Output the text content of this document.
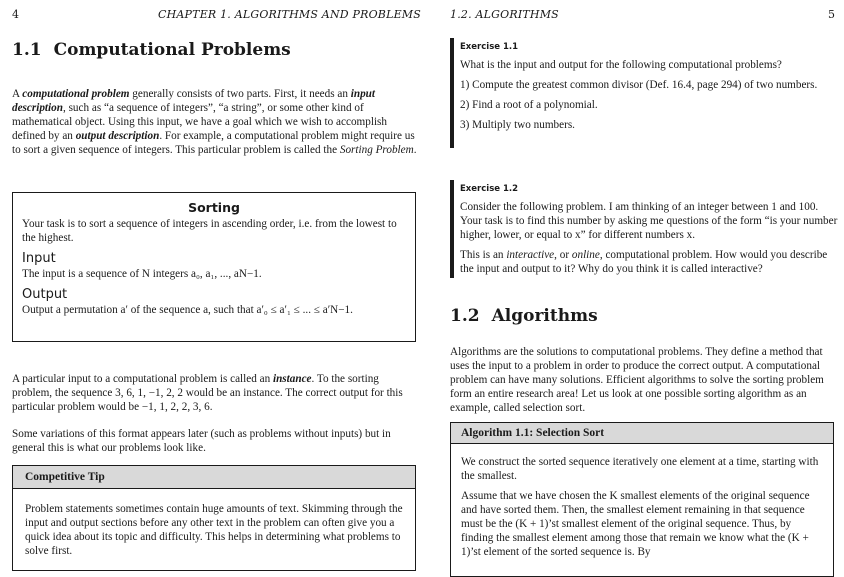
4	CHAPTER 1. ALGORITHMS AND PROBLEMS
1.1 Computational Problems

A computational problem generally consists of two parts. First, it needs an input description, such as “a sequence of integers”, “a string”, or some other kind of mathematical object. Using this input, we have a goal which we wish to accomplish defined by an output description. For example, a computational problem might require us to sort a given sequence of integers. This particular problem is called the Sorting Problem.

Sorting

Your task is to sort a sequence of integers in ascending order, i.e. from the lowest to the highest.

Input

The input is a sequence of N integers a₀, a₁, ..., aN−1.

Output

Output a permutation a′ of the sequence a, such that a′₀ ≤ a′₁ ≤ ... ≤ a′N−1.

A particular input to a computational problem is called an instance. To the sorting problem, the sequence 3, 6, 1, −1, 2, 2 would be an instance. The correct output for this particular problem would be −1, 1, 2, 2, 3, 6.

Some variations of this format appears later (such as problems without inputs) but in general this is what our problems look like.

Competitive Tip

Problem statements sometimes contain huge amounts of text. Skimming through the input and output sections before any other text in the problem can often give you a quick idea about its topic and difficulty. This helps in determining what problems to solve first.

1.2. ALGORITHMS	5
Exercise 1.1

What is the input and output for the following computational problems?

1) Compute the greatest common divisor (Def. 16.4, page 294) of two numbers.

2) Find a root of a polynomial.

3) Multiply two numbers.

Exercise 1.2

Consider the following problem. I am thinking of an integer between 1 and 100. Your task is to find this number by asking me questions of the form “is your number higher, lower, or equal to x” for different numbers x.

This is an interactive, or online, computational problem. How would you describe the input and output to it? Why do you think it is called interactive?

1.2 Algorithms

Algorithms are the solutions to computational problems. They define a method that uses the input to a problem in order to produce the correct output. A computational problem can have many solutions. Efficient algorithms to solve the sorting problem form an entire research area! Let us look at one possible sorting algorithm as an example, called selection sort.

Algorithm 1.1: Selection Sort

We construct the sorted sequence iteratively one element at a time, starting with the smallest.

Assume that we have chosen the K smallest elements of the original sequence and have sorted them. Then, the smallest element remaining in that sequence must be the (K + 1)’st smallest element of the original sequence. Thus, by finding the smallest element among those that remain we know what the (K + 1)’st element of the sorted sequence is. By
